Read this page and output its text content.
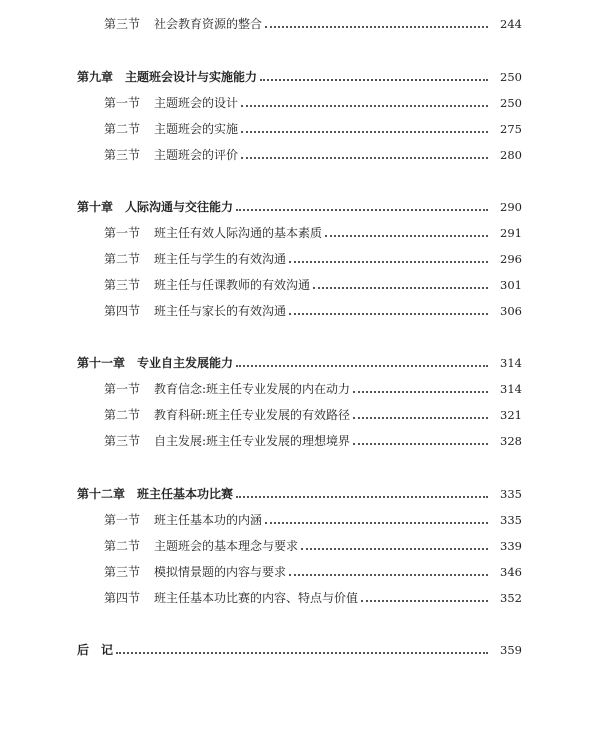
第三节 社会教育资源的整合	244
第九章 主题班会设计与实施能力	250
第一节 主题班会的设计	250
第二节 主题班会的实施	275
第三节 主题班会的评价	280
第十章 人际沟通与交往能力	290
第一节 班主任有效人际沟通的基本素质	291
第二节 班主任与学生的有效沟通	296
第三节 班主任与任课教师的有效沟通	301
第四节 班主任与家长的有效沟通	306
第十一章 专业自主发展能力	314
第一节 教育信念:班主任专业发展的内在动力	314
第二节 教育科研:班主任专业发展的有效路径	321
第三节 自主发展:班主任专业发展的理想境界	328
第十二章 班主任基本功比赛	335
第一节 班主任基本功的内涵	335
第二节 主题班会的基本理念与要求	339
第三节 模拟情景题的内容与要求	346
第四节 班主任基本功比赛的内容、特点与价值	352
后　记	359
